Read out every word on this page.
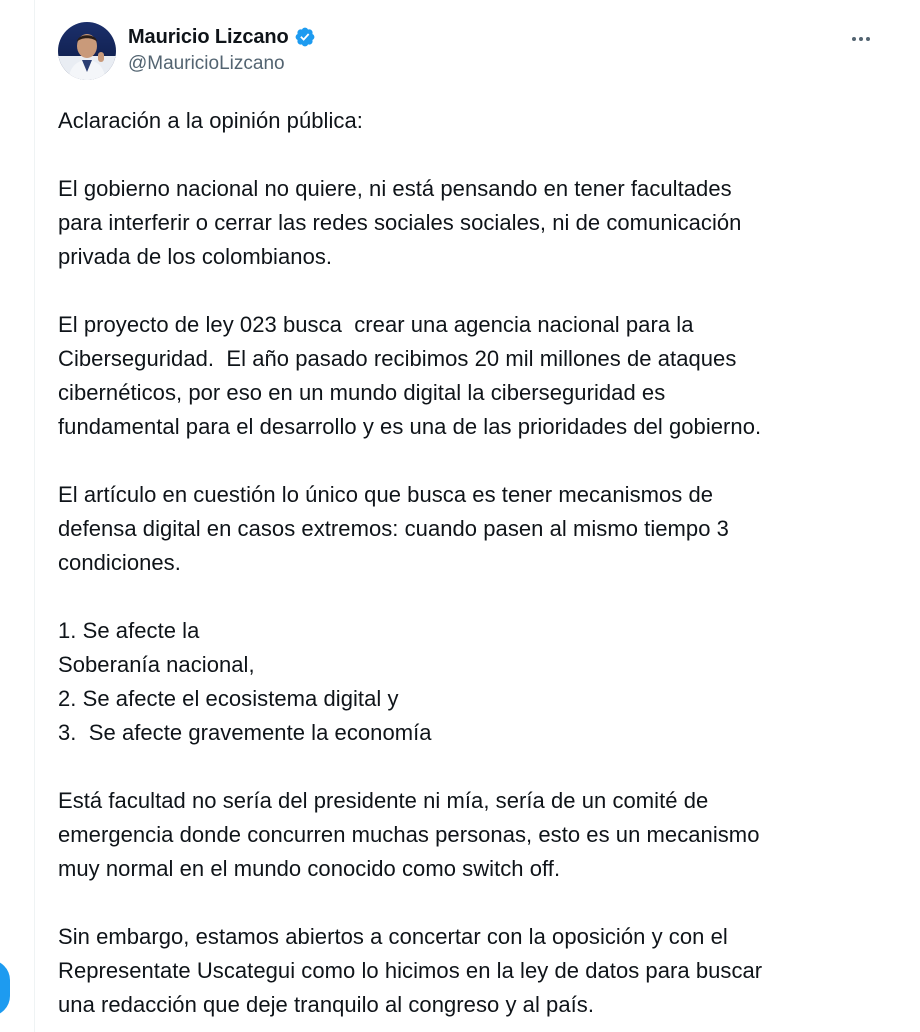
Mauricio Lizcano
@MauricioLizcano
Aclaración a la opinión pública:
El gobierno nacional no quiere, ni está pensando en tener facultades
para interferir o cerrar las redes sociales sociales, ni de comunicación
privada de los colombianos.
El proyecto de ley 023 busca  crear una agencia nacional para la
Ciberseguridad.  El año pasado recibimos 20 mil millones de ataques
cibernéticos, por eso en un mundo digital la ciberseguridad es
fundamental para el desarrollo y es una de las prioridades del gobierno.
El artículo en cuestión lo único que busca es tener mecanismos de
defensa digital en casos extremos: cuando pasen al mismo tiempo 3
condiciones.
1. Se afecte la
Soberanía nacional,
2. Se afecte el ecosistema digital y
3.  Se afecte gravemente la economía
Está facultad no sería del presidente ni mía, sería de un comité de
emergencia donde concurren muchas personas, esto es un mecanismo
muy normal en el mundo conocido como switch off.
Sin embargo, estamos abiertos a concertar con la oposición y con el
Representate Uscategui como lo hicimos en la ley de datos para buscar
una redacción que deje tranquilo al congreso y al país.
